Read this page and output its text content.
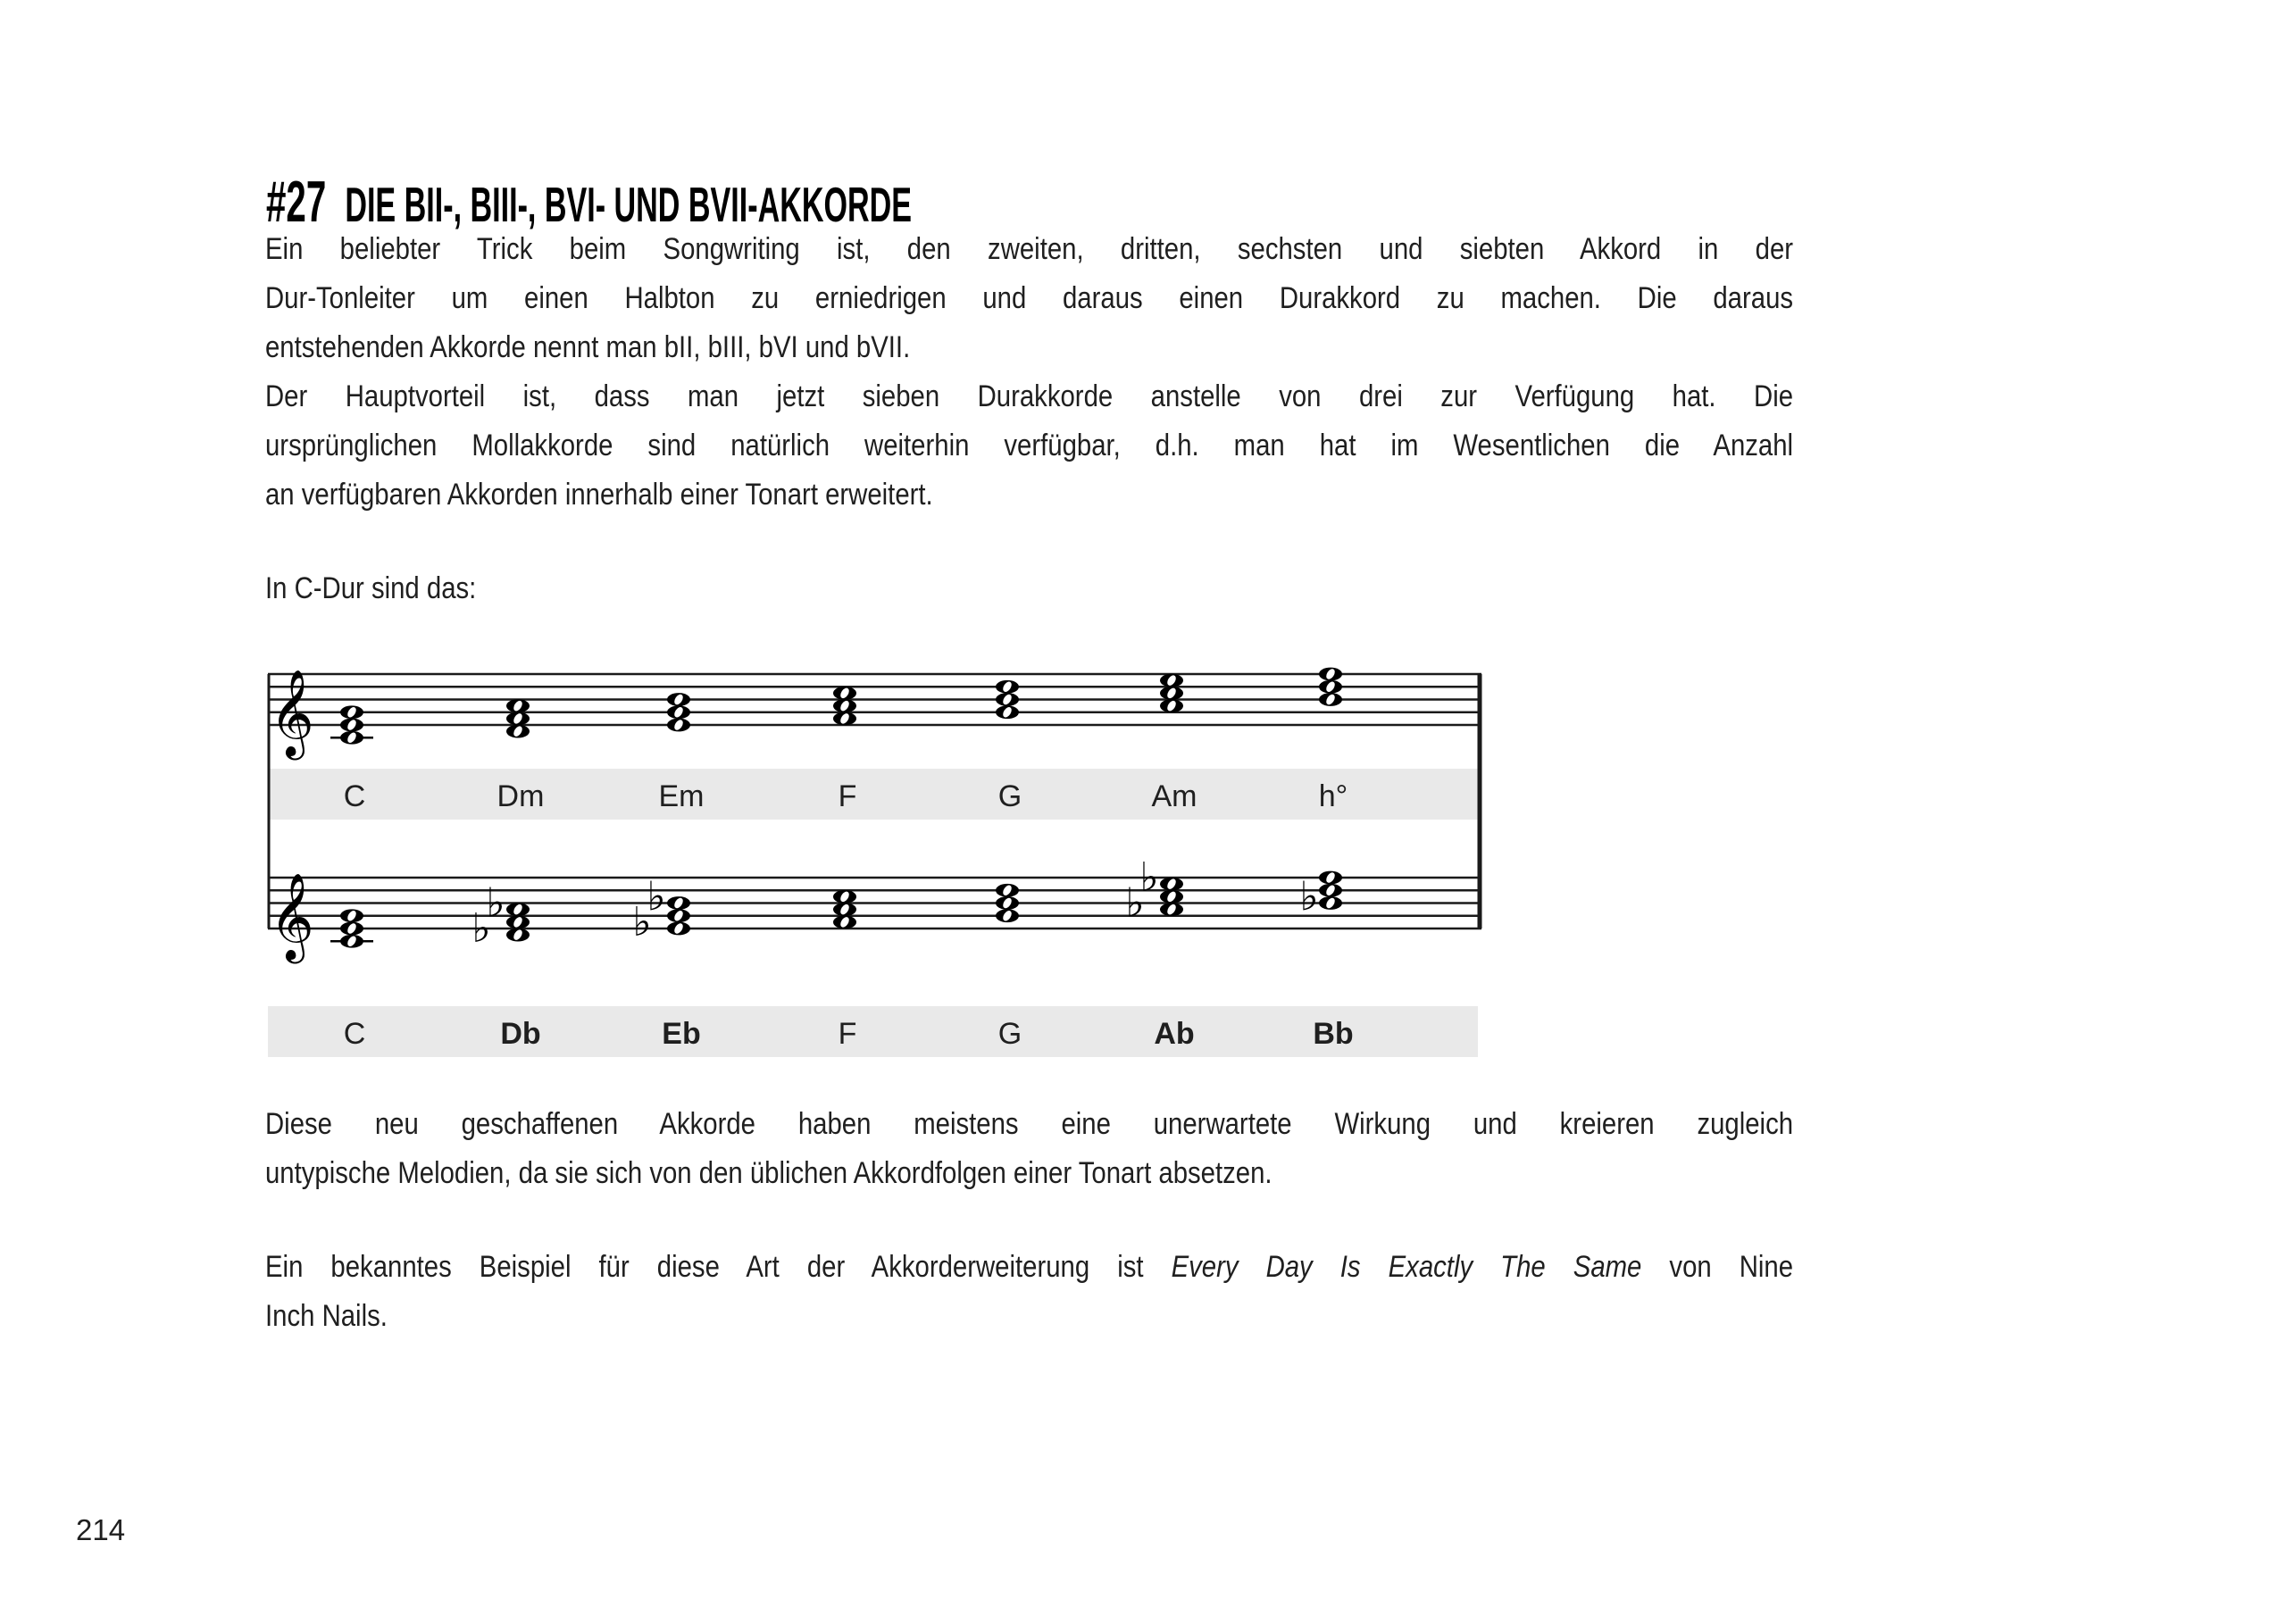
#27 DIE BII-, BIII-, BVI- UND BVII-AKKORDE
Ein beliebter Trick beim Songwriting ist, den zweiten, dritten, sechsten und siebten Akkord in der
Dur-Tonleiter um einen Halbton zu erniedrigen und daraus einen Durakkord zu machen. Die daraus
entstehenden Akkorde nennt man bII, bIII, bVI und bVII.
Der Hauptvorteil ist, dass man jetzt sieben Durakkorde anstelle von drei zur Verfügung hat. Die
ursprünglichen Mollakkorde sind natürlich weiterhin verfügbar, d.h. man hat im Wesentlichen die Anzahl
an verfügbaren Akkorden innerhalb einer Tonart erweitert.
In C-Dur sind das:
𝄞
C	Dm	Em	F	G	Am	h°
𝄞
C
♭
♭
Db
♭
♭
Eb	F	G
♭
♭
Ab
♭
Bb
Diese neu geschaffenen Akkorde haben meistens eine unerwartete Wirkung und kreieren zugleich
untypische Melodien, da sie sich von den üblichen Akkordfolgen einer Tonart absetzen.
Ein bekanntes Beispiel für diese Art der Akkorderweiterung ist Every Day Is Exactly The Same von Nine
Inch Nails.
214
